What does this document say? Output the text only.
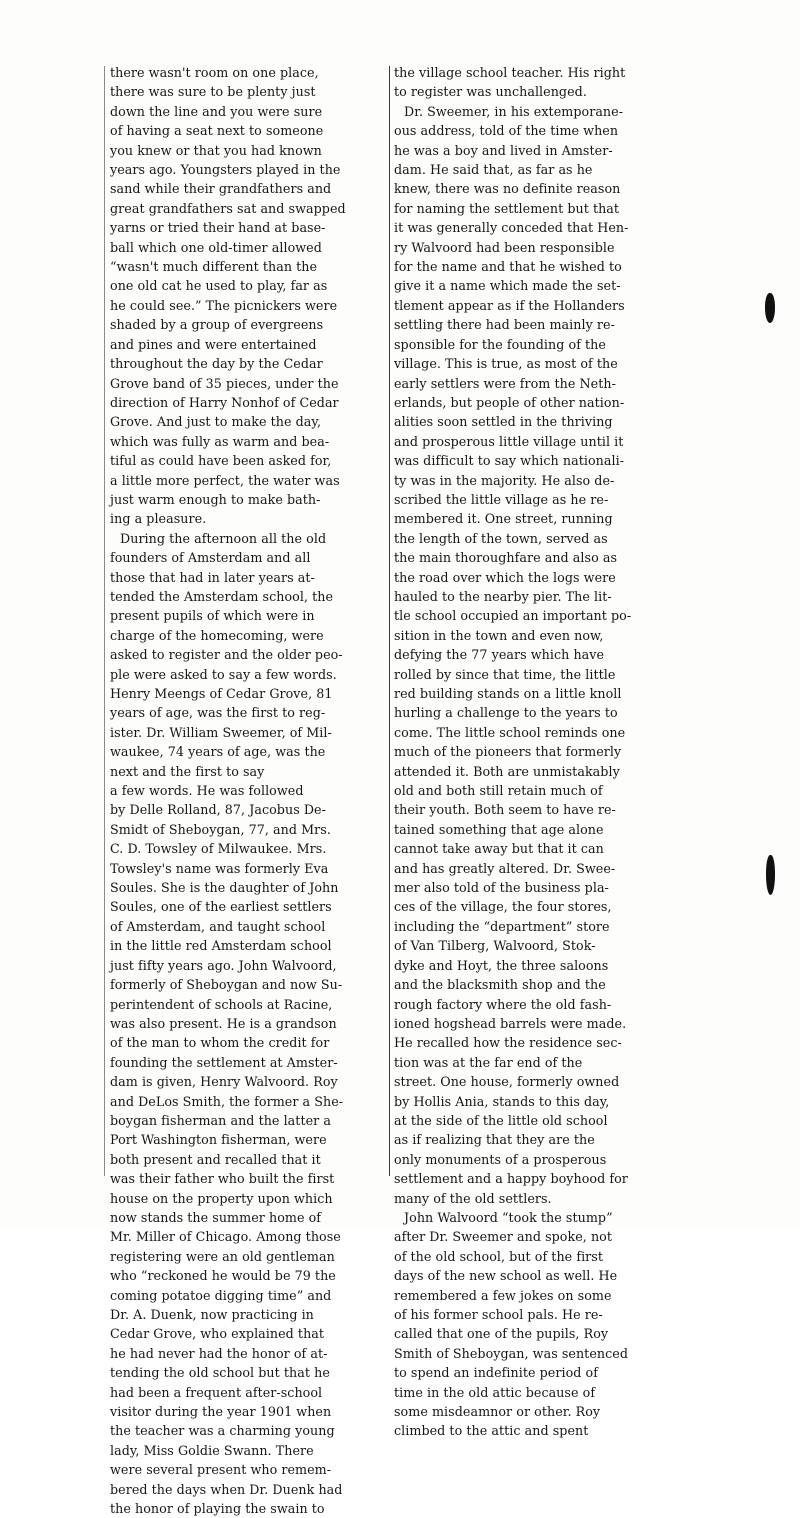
there wasn't room on one place,
there was sure to be plenty just
down the line and you were sure
of having a seat next to someone
you knew or that you had known
years ago. Youngsters played in the
sand while their grandfathers and
great grandfathers sat and swapped
yarns or tried their hand at base-
ball which one old-timer allowed
“wasn't much different than the
one old cat he used to play, far as
he could see.” The picnickers were
shaded by a group of evergreens
and pines and were entertained
throughout the day by the Cedar
Grove band of 35 pieces, under the
direction of Harry Nonhof of Cedar
Grove. And just to make the day,
which was fully as warm and bea-
tiful as could have been asked for,
a little more perfect, the water was
just warm enough to make bath-
ing a pleasure.
During the afternoon all the old
founders of Amsterdam and all
those that had in later years at-
tended the Amsterdam school, the
present pupils of which were in
charge of the homecoming, were
asked to register and the older peo-
ple were asked to say a few words.
Henry Meengs of Cedar Grove, 81
years of age, was the first to reg-
ister. Dr. William Sweemer, of Mil-
waukee, 74 years of age, was the
next and the first to say
a few words. He was followed
by Delle Rolland, 87, Jacobus De-
Smidt of Sheboygan, 77, and Mrs.
C. D. Towsley of Milwaukee. Mrs.
Towsley's name was formerly Eva
Soules. She is the daughter of John
Soules, one of the earliest settlers
of Amsterdam, and taught school
in the little red Amsterdam school
just fifty years ago. John Walvoord,
formerly of Sheboygan and now Su-
perintendent of schools at Racine,
was also present. He is a grandson
of the man to whom the credit for
founding the settlement at Amster-
dam is given, Henry Walvoord. Roy
and DeLos Smith, the former a She-
boygan fisherman and the latter a
Port Washington fisherman, were
both present and recalled that it
was their father who built the first
house on the property upon which
now stands the summer home of
Mr. Miller of Chicago. Among those
registering were an old gentleman
who “reckoned he would be 79 the
coming potatoe digging time” and
Dr. A. Duenk, now practicing in
Cedar Grove, who explained that
he had never had the honor of at-
tending the old school but that he
had been a frequent after-school
visitor during the year 1901 when
the teacher was a charming young
lady, Miss Goldie Swann. There
were several present who remem-
bered the days when Dr. Duenk had
the honor of playing the swain to
the village school teacher. His right
to register was unchallenged.
Dr. Sweemer, in his extemporane-
ous address, told of the time when
he was a boy and lived in Amster-
dam. He said that, as far as he
knew, there was no definite reason
for naming the settlement but that
it was generally conceded that Hen-
ry Walvoord had been responsible
for the name and that he wished to
give it a name which made the set-
tlement appear as if the Hollanders
settling there had been mainly re-
sponsible for the founding of the
village. This is true, as most of the
early settlers were from the Neth-
erlands, but people of other nation-
alities soon settled in the thriving
and prosperous little village until it
was difficult to say which nationali-
ty was in the majority. He also de-
scribed the little village as he re-
membered it. One street, running
the length of the town, served as
the main thoroughfare and also as
the road over which the logs were
hauled to the nearby pier. The lit-
tle school occupied an important po-
sition in the town and even now,
defying the 77 years which have
rolled by since that time, the little
red building stands on a little knoll
hurling a challenge to the years to
come. The little school reminds one
much of the pioneers that formerly
attended it. Both are unmistakably
old and both still retain much of
their youth. Both seem to have re-
tained something that age alone
cannot take away but that it can
and has greatly altered. Dr. Swee-
mer also told of the business pla-
ces of the village, the four stores,
including the “department” store
of Van Tilberg, Walvoord, Stok-
dyke and Hoyt, the three saloons
and the blacksmith shop and the
rough factory where the old fash-
ioned hogshead barrels were made.
He recalled how the residence sec-
tion was at the far end of the
street. One house, formerly owned
by Hollis Ania, stands to this day,
at the side of the little old school
as if realizing that they are the
only monuments of a prosperous
settlement and a happy boyhood for
many of the old settlers.
John Walvoord “took the stump”
after Dr. Sweemer and spoke, not
of the old school, but of the first
days of the new school as well. He
remembered a few jokes on some
of his former school pals. He re-
called that one of the pupils, Roy
Smith of Sheboygan, was sentenced
to spend an indefinite period of
time in the old attic because of
some misdeamnor or other. Roy
climbed to the attic and spent
